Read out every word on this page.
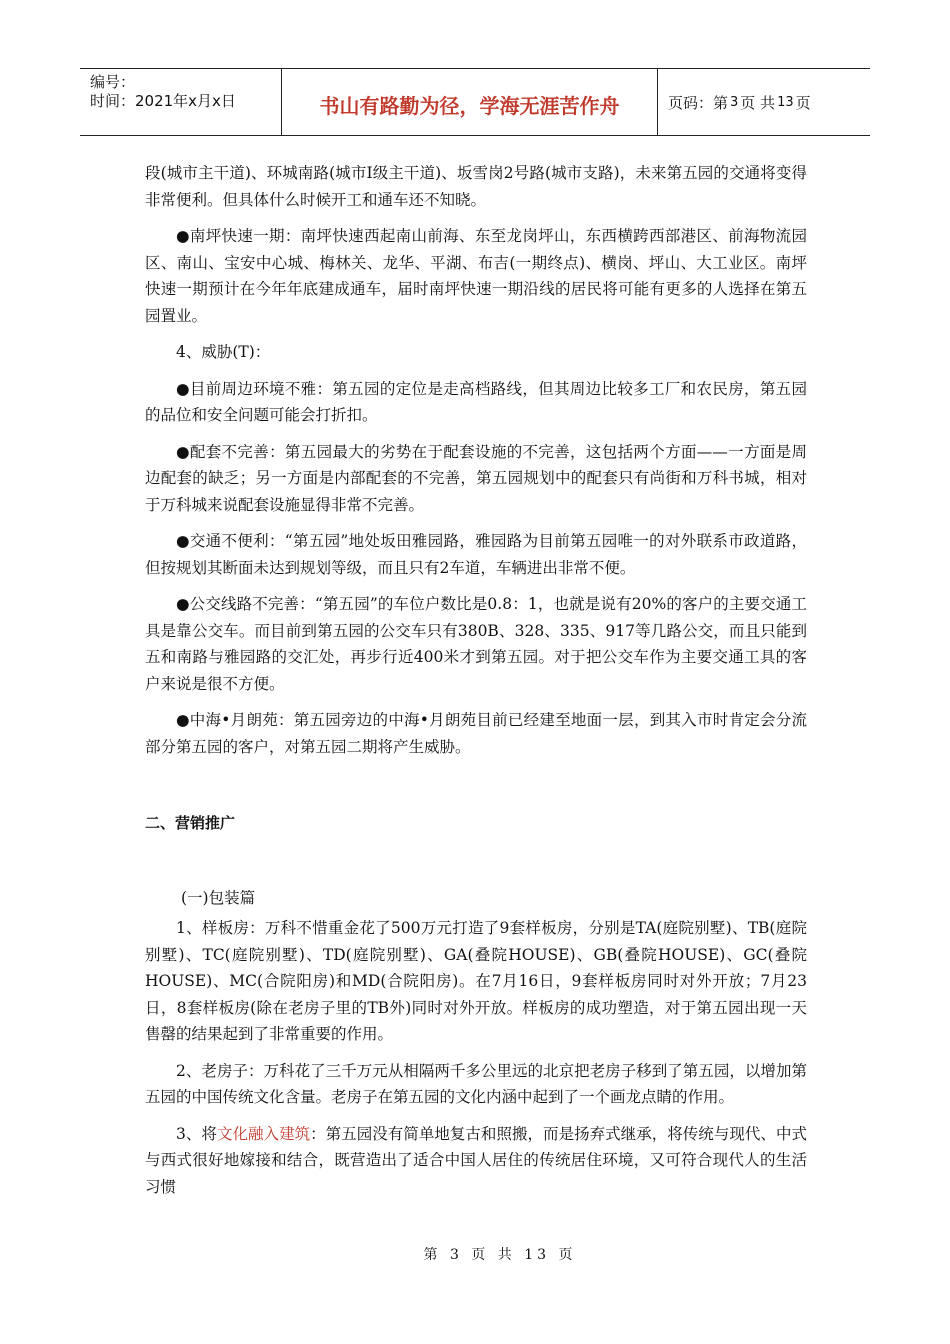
编号：
时间：2021年x月x日	书山有路勤为径，学海无涯苦作舟	页码：第 3 页 共 13 页

段(城市主干道)、环城南路(城市Ⅰ级主干道)、坂雪岗2号路(城市支路)，未来第五园的交通将变得非常便利。但具体什么时候开工和通车还不知晓。

●南坪快速一期：南坪快速西起南山前海、东至龙岗坪山，东西横跨西部港区、前海物流园区、南山、宝安中心城、梅林关、龙华、平湖、布吉(一期终点)、横岗、坪山、大工业区。南坪快速一期预计在今年年底建成通车，届时南坪快速一期沿线的居民将可能有更多的人选择在第五园置业。

4、威胁(T)：

●目前周边环境不雅：第五园的定位是走高档路线，但其周边比较多工厂和农民房，第五园的品位和安全问题可能会打折扣。

●配套不完善：第五园最大的劣势在于配套设施的不完善，这包括两个方面——一方面是周边配套的缺乏；另一方面是内部配套的不完善，第五园规划中的配套只有尚街和万科书城，相对于万科城来说配套设施显得非常不完善。

●交通不便利：“第五园”地处坂田雅园路，雅园路为目前第五园唯一的对外联系市政道路，但按规划其断面未达到规划等级，而且只有2车道，车辆进出非常不便。

●公交线路不完善：“第五园”的车位户数比是0.8：1，也就是说有20%的客户的主要交通工具是靠公交车。而目前到第五园的公交车只有380B、328、335、917等几路公交，而且只能到五和南路与雅园路的交汇处，再步行近400米才到第五园。对于把公交车作为主要交通工具的客户来说是很不方便。

●中海•月朗苑：第五园旁边的中海•月朗苑目前已经建至地面一层，到其入市时肯定会分流部分第五园的客户，对第五园二期将产生威胁。

二、营销推广

(一)包装篇

1、样板房：万科不惜重金花了500万元打造了9套样板房，分别是TA(庭院别墅)、TB(庭院别墅)、TC(庭院别墅)、TD(庭院别墅)、GA(叠院HOUSE)、GB(叠院HOUSE)、GC(叠院HOUSE)、MC(合院阳房)和MD(合院阳房)。在7月16日，9套样板房同时对外开放；7月23日，8套样板房(除在老房子里的TB外)同时对外开放。样板房的成功塑造，对于第五园出现一天售罄的结果起到了非常重要的作用。

2、老房子：万科花了三千万元从相隔两千多公里远的北京把老房子移到了第五园，以增加第五园的中国传统文化含量。老房子在第五园的文化内涵中起到了一个画龙点睛的作用。

3、将文化融入建筑：第五园没有简单地复古和照搬，而是扬弃式继承，将传统与现代、中式与西式很好地嫁接和结合，既营造出了适合中国人居住的传统居住环境，又可符合现代人的生活习惯

第 3 页 共 13 页
